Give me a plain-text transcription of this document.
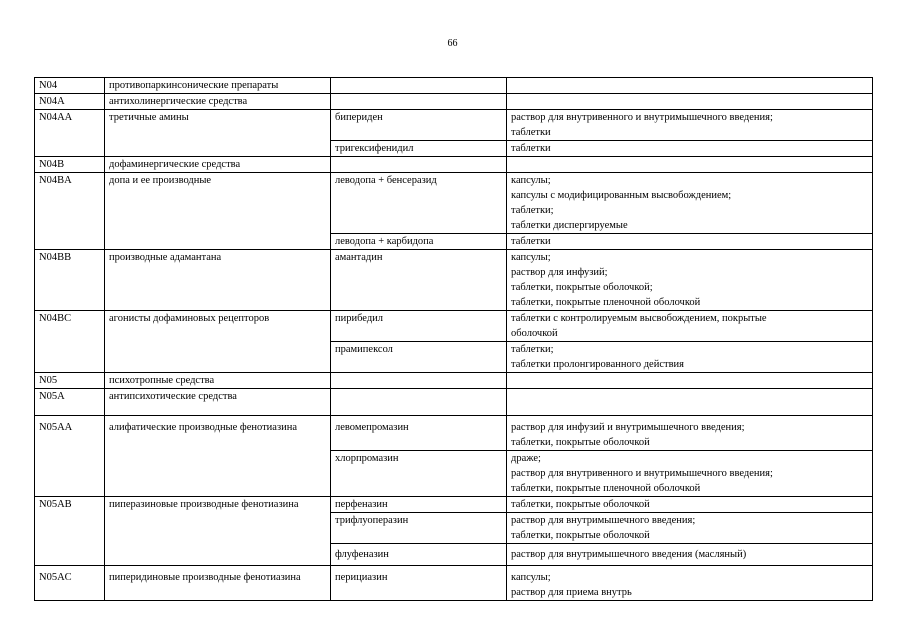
66
N04	противопаркинсонические препараты		
N04A	антихолинергические средства		
N04AA	третичные амины	бипериден	раствор для внутривенного и внутримышечного введения;
таблетки

		тригексифенидил	таблетки

N04B	дофаминергические средства		
N04BA	допа и ее производные	леводопа + бенсеразид	капсулы;
капсулы с модифицированным высвобождением;
таблетки;
таблетки диспергируемые

		леводопа + карбидопа	таблетки

N04BB	производные адамантана	амантадин	капсулы;
раствор для инфузий;
таблетки, покрытые оболочкой;
таблетки, покрытые пленочной оболочкой

N04BC	агонисты дофаминовых рецепторов	пирибедил	таблетки с контролируемым высвобождением, покрытые
оболочкой

		прамипексол	таблетки;
таблетки пролонгированного действия

N05	психотропные средства		
N05A	антипсихотические средства		
N05AA	алифатические производные фенотиазина	левомепромазин	раствор для инфузий и внутримышечного введения;
таблетки, покрытые оболочкой

		хлорпромазин	драже;
раствор для внутривенного и внутримышечного введения;
таблетки, покрытые пленочной оболочкой

N05AB	пиперазиновые производные фенотиазина	перфеназин	таблетки, покрытые оболочкой

		трифлуоперазин	раствор для внутримышечного введения;
таблетки, покрытые оболочкой

		флуфеназин	раствор для внутримышечного введения (масляный)

N05AC	пиперидиновые производные фенотиазина	перициазин	капсулы;
раствор для приема внутрь
